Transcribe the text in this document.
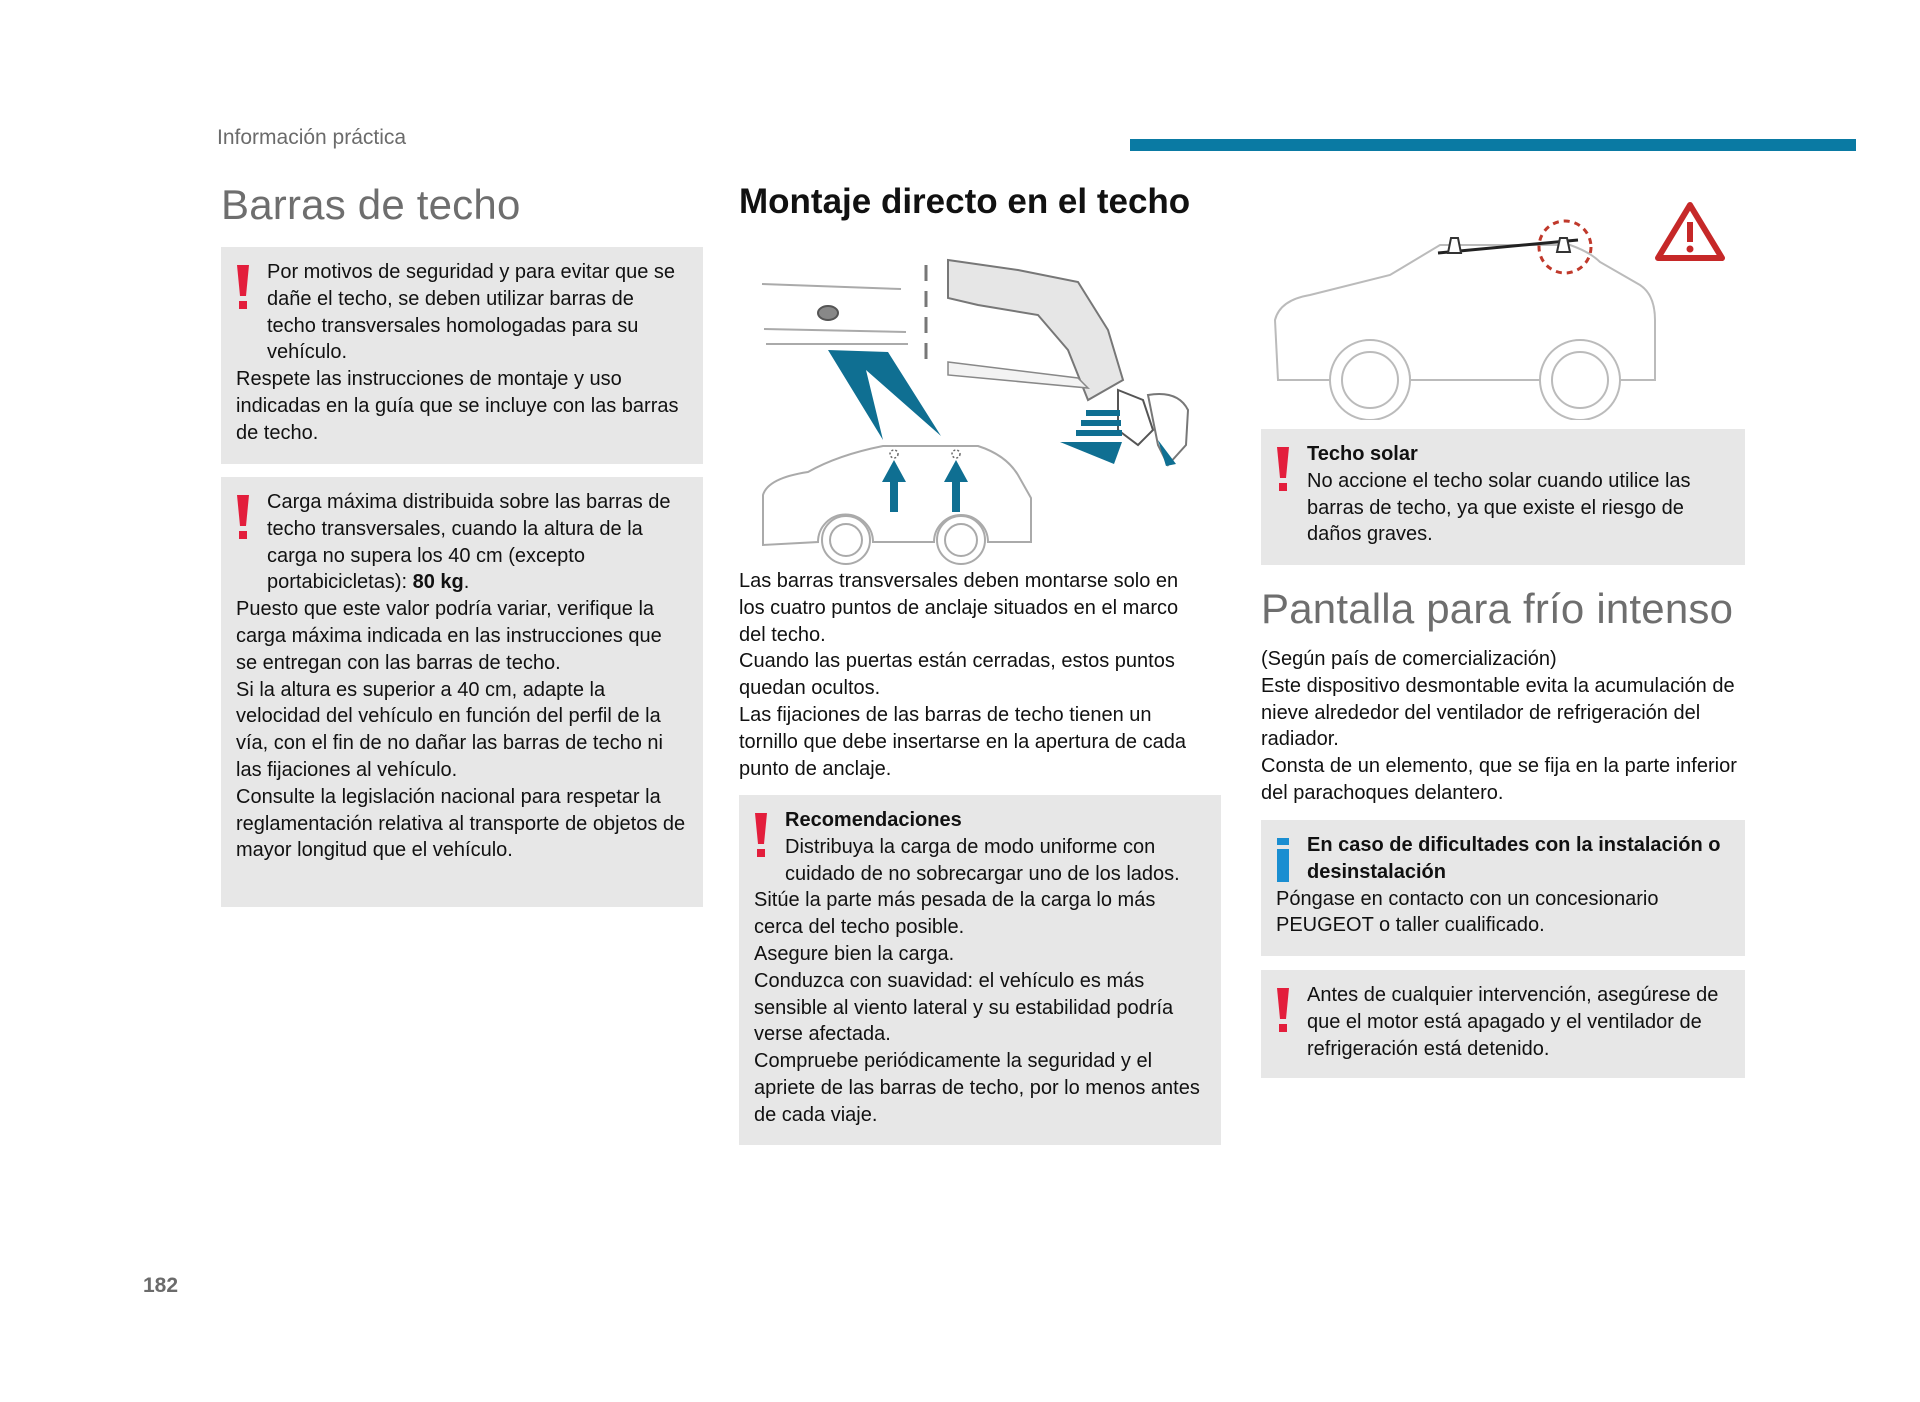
Información práctica
Barras de techo

Por motivos de seguridad y para evitar que se dañe el techo, se deben utilizar barras de techo transversales homologadas para su vehículo.

Respete las instrucciones de montaje y uso indicadas en la guía que se incluye con las barras de techo.

Carga máxima distribuida sobre las barras de techo transversales, cuando la altura de la carga no supera los 40 cm (excepto portabicicletas): 80 kg.

Puesto que este valor podría variar, verifique la carga máxima indicada en las instrucciones que se entregan con las barras de techo.

Si la altura es superior a 40 cm, adapte la velocidad del vehículo en función del perfil de la vía, con el fin de no dañar las barras de techo ni las fijaciones al vehículo.

Consulte la legislación nacional para respetar la reglamentación relativa al transporte de objetos de mayor longitud que el vehículo.

Montaje directo en el techo

Las barras transversales deben montarse solo en los cuatro puntos de anclaje situados en el marco del techo.

Cuando las puertas están cerradas, estos puntos quedan ocultos.

Las fijaciones de las barras de techo tienen un tornillo que debe insertarse en la apertura de cada punto de anclaje.

Recomendaciones

Distribuya la carga de modo uniforme con cuidado de no sobrecargar uno de los lados.

Sitúe la parte más pesada de la carga lo más cerca del techo posible.

Asegure bien la carga.

Conduzca con suavidad: el vehículo es más sensible al viento lateral y su estabilidad podría verse afectada.

Compruebe periódicamente la seguridad y el apriete de las barras de techo, por lo menos antes de cada viaje.

Techo solar

No accione el techo solar cuando utilice las barras de techo, ya que existe el riesgo de daños graves.

Pantalla para frío intenso

(Según país de comercialización)

Este dispositivo desmontable evita la acumulación de nieve alrededor del ventilador de refrigeración del radiador.

Consta de un elemento, que se fija en la parte inferior del parachoques delantero.

En caso de dificultades con la instalación o desinstalación

Póngase en contacto con un concesionario PEUGEOT o taller cualificado.

Antes de cualquier intervención, asegúrese de que el motor está apagado y el ventilador de refrigeración está detenido.

182
